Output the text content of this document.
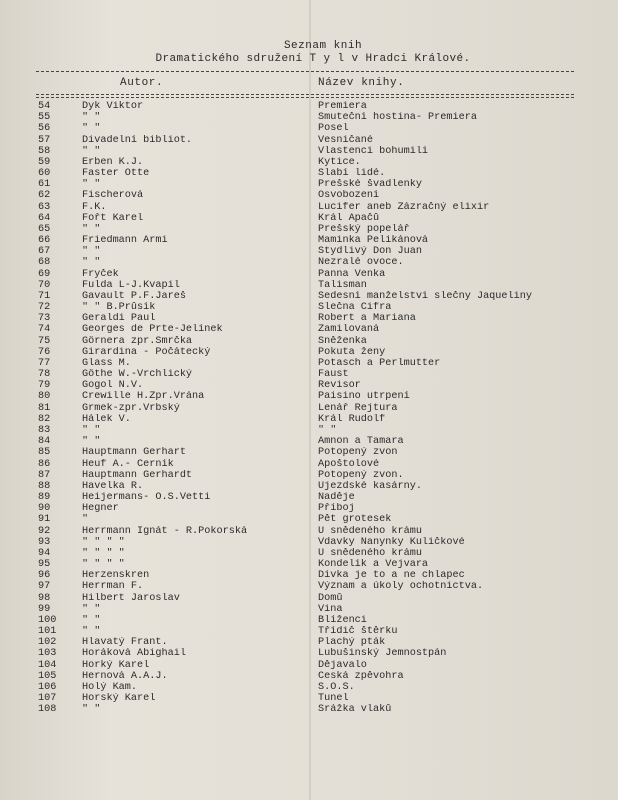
Seznam knih
Dramatického sdružení T y l v Hradci Králové.
Autor.	Název knihy.
54	Dyk Viktor	Premiera
55	" "	Smuteční hostina- Premiera
56	" "	Posel
57	Divadelní bibliot.	Vesničané
58	" "	Vlastenci bohumilí
59	Erben K.J.	Kytice.
60	Faster Otte	Slabí lidé.
61	" "	Prešské švadlenky
62	Fischerová	Osvobození
63	F.K.	Lucifer aneb Zázračný elixir
64	Fořt Karel	Král Apačů
65	" "	Prešský popelář
66	Friedmann Armi	Maminka Pelikánová
67	" "	Stydlivý Don Juan
68	" "	Nezralé ovoce.
69	Fryček	Panna Venka
70	Fulda L-J.Kvapil	Talisman
71	Gavault P.F.Jareš	Sedesní manželství slečny Jaqueliny
72	" " B.Průsík	Slečna Cifra
73	Geraldi Paul	Robert a Mariana
74	Georges de Prte-Jelínek	Zamilovaná
75	Görnera zpr.Smrčka	Sněženka
76	Girardina - Počátecký	Pokuta ženy
77	Glass M.	Potasch a Perlmutter
78	Göthe W.-Vrchlický	Faust
79	Gogol N.V.	Revisor
80	Crewille H.Zpr.Vrána	Paisino utrpení
81	Grmek-zpr.Vrbský	Lenář Rejtura
82	Hálek V.	Král Rudolf
83	" "	" "
84	" "	Amnon a Tamara
85	Hauptmann Gerhart	Potopený zvon
86	Heuf A.- Černík	Apoštolové
87	Hauptmann Gerhardt	Potopený zvon.
88	Havelka R.	Újezdské kasárny.
89	Heijermans- O.S.Vetti	Naděje
90	Hegner	Příboj
91	"	Pět grotesek
92	Herrmann Ignát - R.Pokorská	U snědeného krámu
93	" " " "	Vdavky Nanynky Kuličkové
94	" " " "	U snědeného krámu
95	" " " "	Kondelík a Vejvara
96	Herzenskren	Dívka je to a ne chlapec
97	Herrman F.	Význam a úkoly ochotnictva.
98	Hilbert Jaroslav	Domů
99	" "	Vina
100	" "	Blíženci
101	" "	Třídič štěrku
102	Hlavatý Frant.	Plachý pták
103	Horáková Abighail	Lubušinský Jemnostpán
104	Horký Karel	Dějavalo
105	Hernová A.A.J.	Česká zpěvohra
106	Holý Kam.	S.O.S.
107	Horský Karel	Tunel
108	" "	Srážka vlaků
